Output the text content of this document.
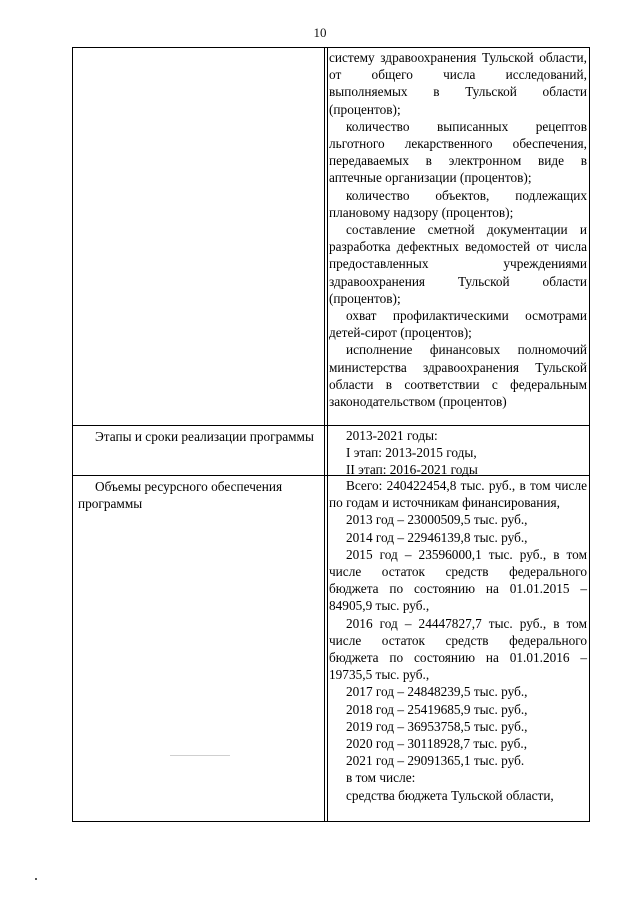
10

систему здравоохранения Тульской области, от общего числа исследований, выполняемых в Тульской области (процентов);

количество выписанных рецептов льготного лекарственного обеспечения, передаваемых в электронном виде в аптечные организации (процентов);

количество объектов, подлежащих плановому надзору (процентов);

составление сметной документации и разработка дефектных ведомостей от числа предоставленных учреждениями здравоохранения Тульской области (процентов);

охват профилактическими осмотрами детей-сирот (процентов);

исполнение финансовых полномочий министерства здравоохранения Тульской области в соответствии с федеральным законодательством (процентов)

Этапы и сроки реализации программы	2013-2021 годы:

I этап: 2013-2015 годы,

II этап: 2016-2021 годы

Объемы ресурсного обеспечения программы

Всего: 240422454,8 тыс. руб., в том числе по годам и источникам финансирования,

2013 год – 23000509,5 тыс. руб.,

2014 год – 22946139,8 тыс. руб.,

2015 год – 23596000,1 тыс. руб., в том числе остаток средств федерального бюджета по состоянию на 01.01.2015 – 84905,9 тыс. руб.,

2016 год – 24447827,7 тыс. руб., в том числе остаток средств федерального бюджета по состоянию на 01.01.2016 – 19735,5 тыс. руб.,

2017 год – 24848239,5 тыс. руб.,

2018 год – 25419685,9 тыс. руб.,

2019 год – 36953758,5 тыс. руб.,

2020 год – 30118928,7 тыс. руб.,

2021 год – 29091365,1 тыс. руб.

в том числе:

средства бюджета Тульской области,
